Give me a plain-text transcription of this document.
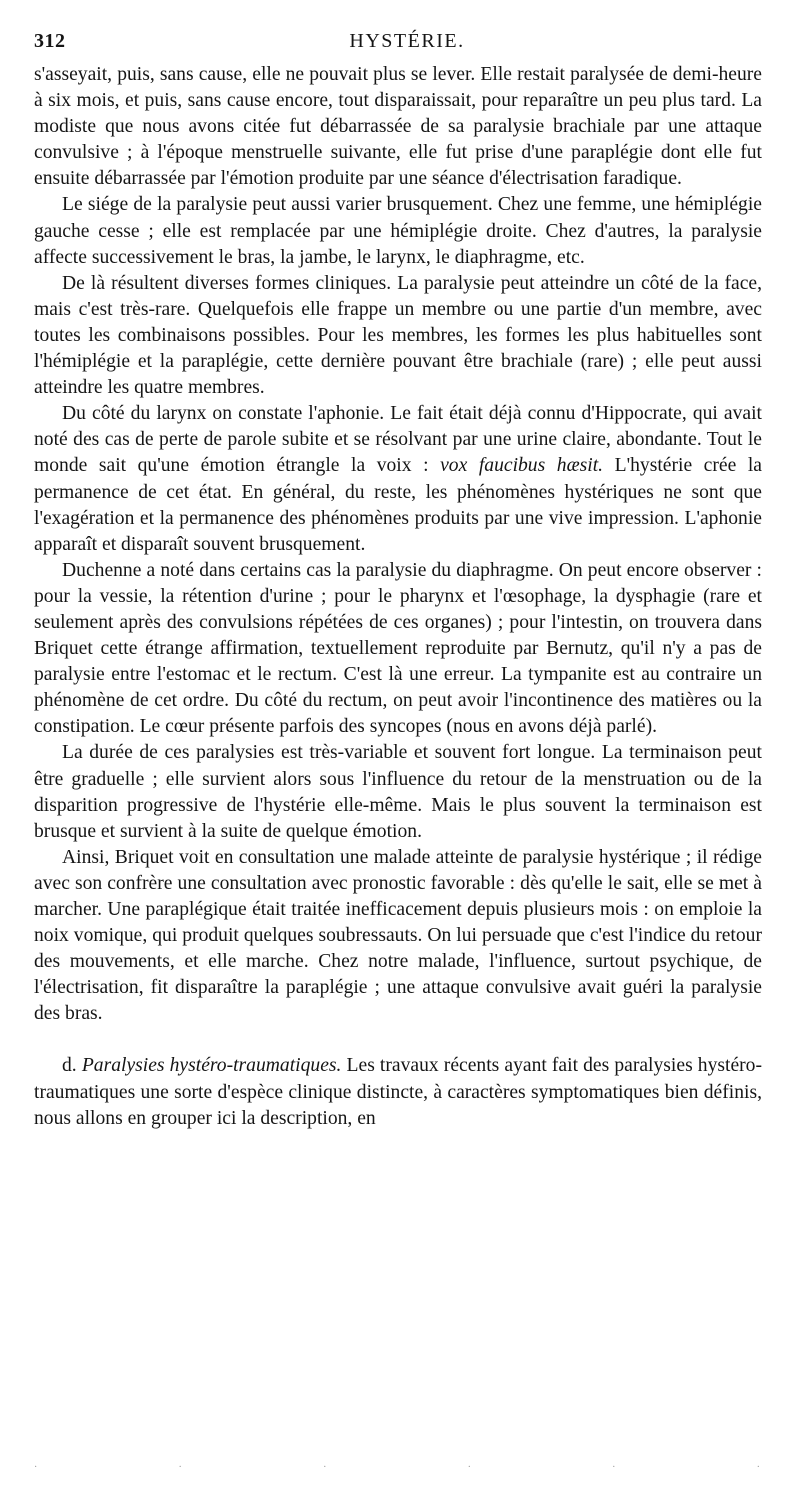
312	HYSTÉRIE.

s'asseyait, puis, sans cause, elle ne pouvait plus se lever. Elle restait paralysée de demi-heure à six mois, et puis, sans cause encore, tout disparaissait, pour reparaître un peu plus tard. La modiste que nous avons citée fut débarrassée de sa paralysie brachiale par une attaque convulsive ; à l'époque menstruelle suivante, elle fut prise d'une paraplégie dont elle fut ensuite débarrassée par l'émotion produite par une séance d'électrisation faradique.

Le siége de la paralysie peut aussi varier brusquement. Chez une femme, une hémiplégie gauche cesse ; elle est remplacée par une hémiplégie droite. Chez d'autres, la paralysie affecte successivement le bras, la jambe, le larynx, le diaphragme, etc.

De là résultent diverses formes cliniques. La paralysie peut atteindre un côté de la face, mais c'est très-rare. Quelquefois elle frappe un membre ou une partie d'un membre, avec toutes les combinaisons possibles. Pour les membres, les formes les plus habituelles sont l'hémiplégie et la paraplégie, cette dernière pouvant être brachiale (rare) ; elle peut aussi atteindre les quatre membres.

Du côté du larynx on constate l'aphonie. Le fait était déjà connu d'Hippocrate, qui avait noté des cas de perte de parole subite et se résolvant par une urine claire, abondante. Tout le monde sait qu'une émotion étrangle la voix : vox faucibus hæsit. L'hystérie crée la permanence de cet état. En général, du reste, les phénomènes hystériques ne sont que l'exagération et la permanence des phénomènes produits par une vive impression. L'aphonie apparaît et disparaît souvent brusquement.

Duchenne a noté dans certains cas la paralysie du diaphragme. On peut encore observer : pour la vessie, la rétention d'urine ; pour le pharynx et l'œsophage, la dysphagie (rare et seulement après des convulsions répétées de ces organes) ; pour l'intestin, on trouvera dans Briquet cette étrange affirmation, textuellement reproduite par Bernutz, qu'il n'y a pas de paralysie entre l'estomac et le rectum. C'est là une erreur. La tympanite est au contraire un phénomène de cet ordre. Du côté du rectum, on peut avoir l'incontinence des matières ou la constipation. Le cœur présente parfois des syncopes (nous en avons déjà parlé).

La durée de ces paralysies est très-variable et souvent fort longue. La terminaison peut être graduelle ; elle survient alors sous l'influence du retour de la menstruation ou de la disparition progressive de l'hystérie elle-même. Mais le plus souvent la terminaison est brusque et survient à la suite de quelque émotion.

Ainsi, Briquet voit en consultation une malade atteinte de paralysie hystérique ; il rédige avec son confrère une consultation avec pronostic favorable : dès qu'elle le sait, elle se met à marcher. Une paraplégique était traitée inefficacement depuis plusieurs mois : on emploie la noix vomique, qui produit quelques soubressauts. On lui persuade que c'est l'indice du retour des mouvements, et elle marche. Chez notre malade, l'influence, surtout psychique, de l'électrisation, fit disparaître la paraplégie ; une attaque convulsive avait guéri la paralysie des bras.

d. Paralysies hystéro-traumatiques. Les travaux récents ayant fait des paralysies hystéro-traumatiques une sorte d'espèce clinique distincte, à caractères symptomatiques bien définis, nous allons en grouper ici la description, en

·	·	·	·	·	·
